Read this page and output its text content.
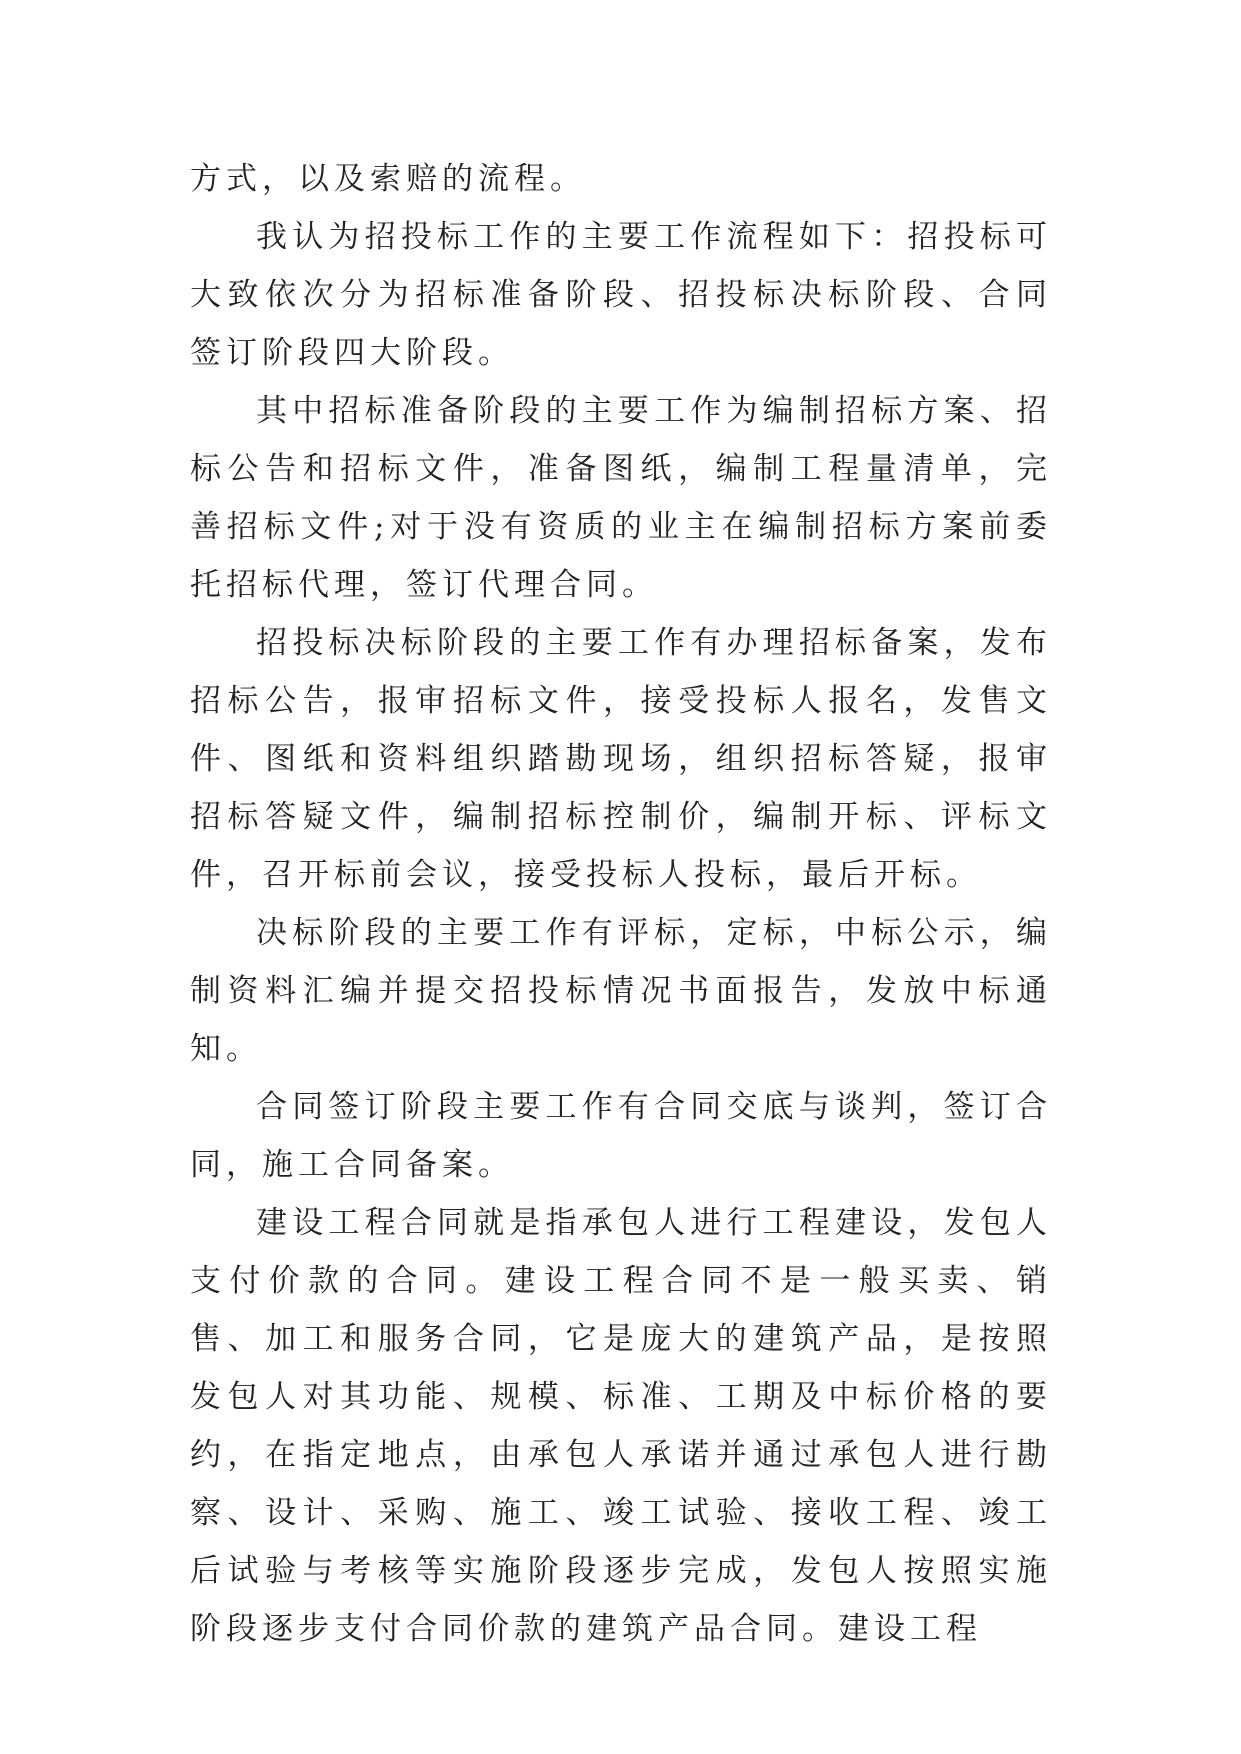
方式，以及索赔的流程。

我认为招投标工作的主要工作流程如下：招投标可大致依次分为招标准备阶段、招投标决标阶段、合同签订阶段四大阶段。

其中招标准备阶段的主要工作为编制招标方案、招标公告和招标文件，准备图纸，编制工程量清单，完善招标文件;对于没有资质的业主在编制招标方案前委托招标代理，签订代理合同。

招投标决标阶段的主要工作有办理招标备案，发布招标公告，报审招标文件，接受投标人报名，发售文件、图纸和资料组织踏勘现场，组织招标答疑，报审招标答疑文件，编制招标控制价，编制开标、评标文件，召开标前会议，接受投标人投标，最后开标。

决标阶段的主要工作有评标，定标，中标公示，编制资料汇编并提交招投标情况书面报告，发放中标通知。

合同签订阶段主要工作有合同交底与谈判，签订合同，施工合同备案。

建设工程合同就是指承包人进行工程建设，发包人支付价款的合同。建设工程合同不是一般买卖、销售、加工和服务合同，它是庞大的建筑产品，是按照发包人对其功能、规模、标准、工期及中标价格的要约，在指定地点，由承包人承诺并通过承包人进行勘察、设计、采购、施工、竣工试验、接收工程、竣工后试验与考核等实施阶段逐步完成，发包人按照实施阶段逐步支付合同价款的建筑产品合同。建设工程
